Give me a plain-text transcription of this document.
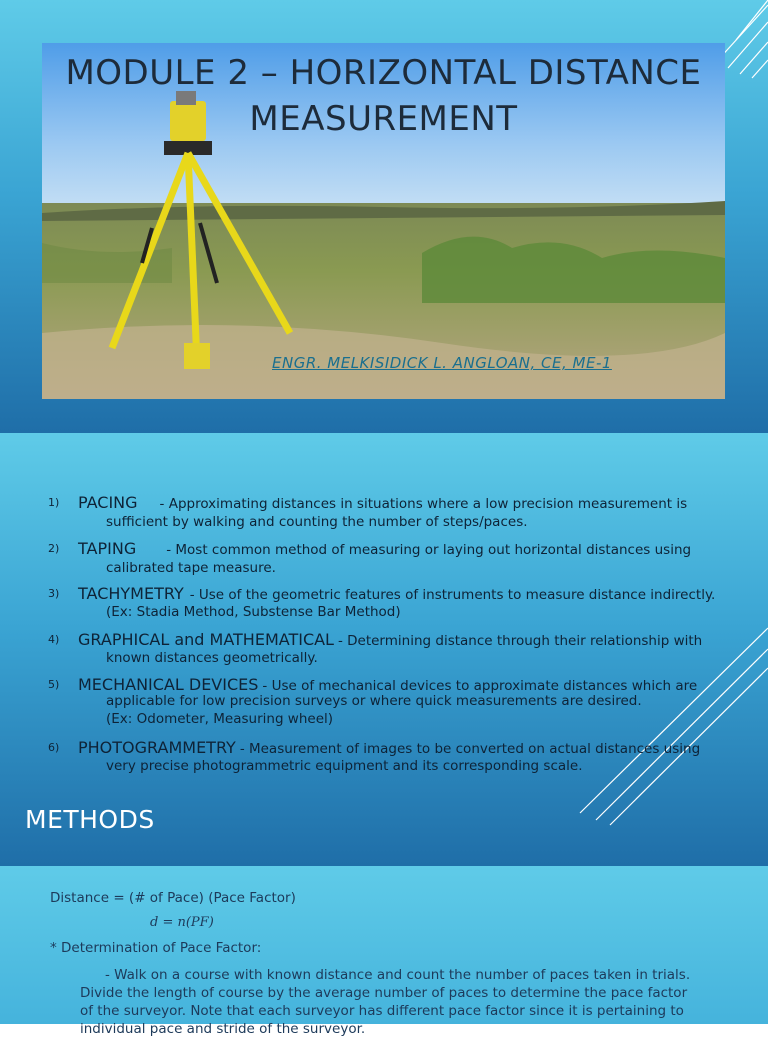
MODULE 2 – HORIZONTAL DISTANCE
MEASUREMENT
ENGR. MELKISIDICK L. ANGLOAN, CE, ME-1
1) PACING - Approximating distances in situations where a low precision measurement is
sufficient by walking and counting the number of steps/paces.
2) TAPING - Most common method of measuring or laying out horizontal distances using
calibrated tape measure.
3) TACHYMETRY - Use of the geometric features of instruments to measure distance indirectly.
(Ex: Stadia Method, Substense Bar Method)
4) GRAPHICAL and MATHEMATICAL - Determining distance through their relationship with
known distances geometrically.
5) MECHANICAL DEVICES - Use of mechanical devices to approximate distances which are
applicable for low precision surveys or where quick measurements are desired.
(Ex: Odometer, Measuring wheel)
6) PHOTOGRAMMETRY - Measurement of images to be converted on actual distances using
very precise photogrammetric equipment and its corresponding scale.
METHODS
Distance = (# of Pace) (Pace Factor)
d = n(PF)
* Determination of Pace Factor:
- Walk on a course with known distance and count the number of paces taken in trials.
Divide the length of course by the average number of paces to determine the pace factor
of the surveyor. Note that each surveyor has different pace factor since it is pertaining to
individual pace and stride of the surveyor.
